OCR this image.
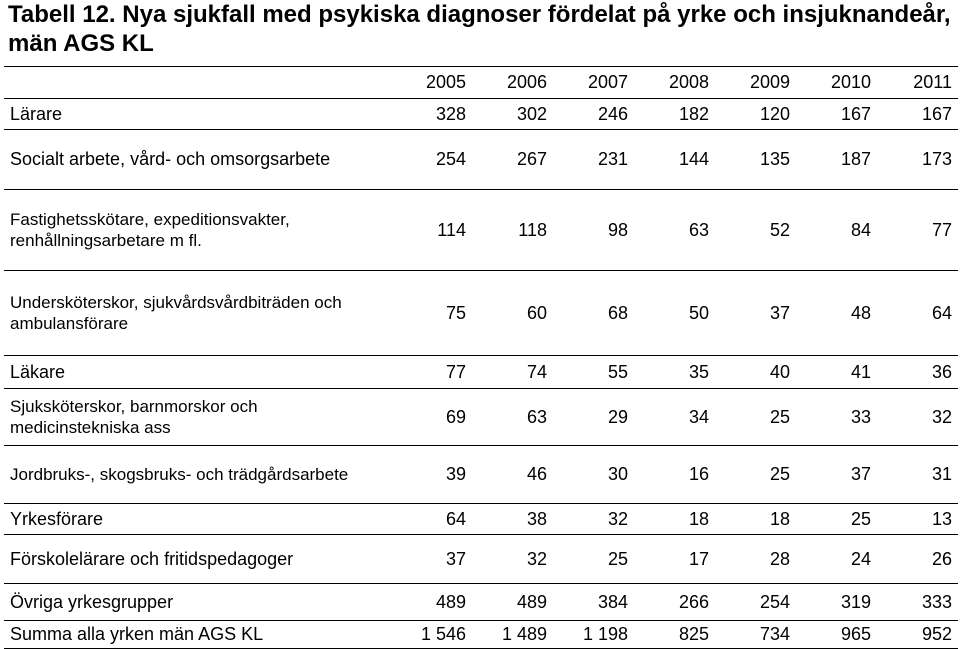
Tabell 12. Nya sjukfall med psykiska diagnoser fördelat på yrke och insjuknandeår, män AGS KL
	2005	2006	2007	2008	2009	2010	2011
Lärare	328	302	246	182	120	167	167
Socialt arbete, vård- och omsorgsarbete	254	267	231	144	135	187	173
Fastighetsskötare, expeditionsvakter, renhållningsarbetare m fl.	114	118	98	63	52	84	77
Undersköterskor, sjukvårdsvårdbiträden och ambulansförare	75	60	68	50	37	48	64
Läkare	77	74	55	35	40	41	36
Sjuksköterskor, barnmorskor och medicinstekniska ass	69	63	29	34	25	33	32
Jordbruks-, skogsbruks- och trädgårdsarbete	39	46	30	16	25	37	31
Yrkesförare	64	38	32	18	18	25	13
Förskolelärare och fritidspedagoger	37	32	25	17	28	24	26
Övriga yrkesgrupper	489	489	384	266	254	319	333
Summa alla yrken män AGS KL	1 546	1 489	1 198	825	734	965	952
